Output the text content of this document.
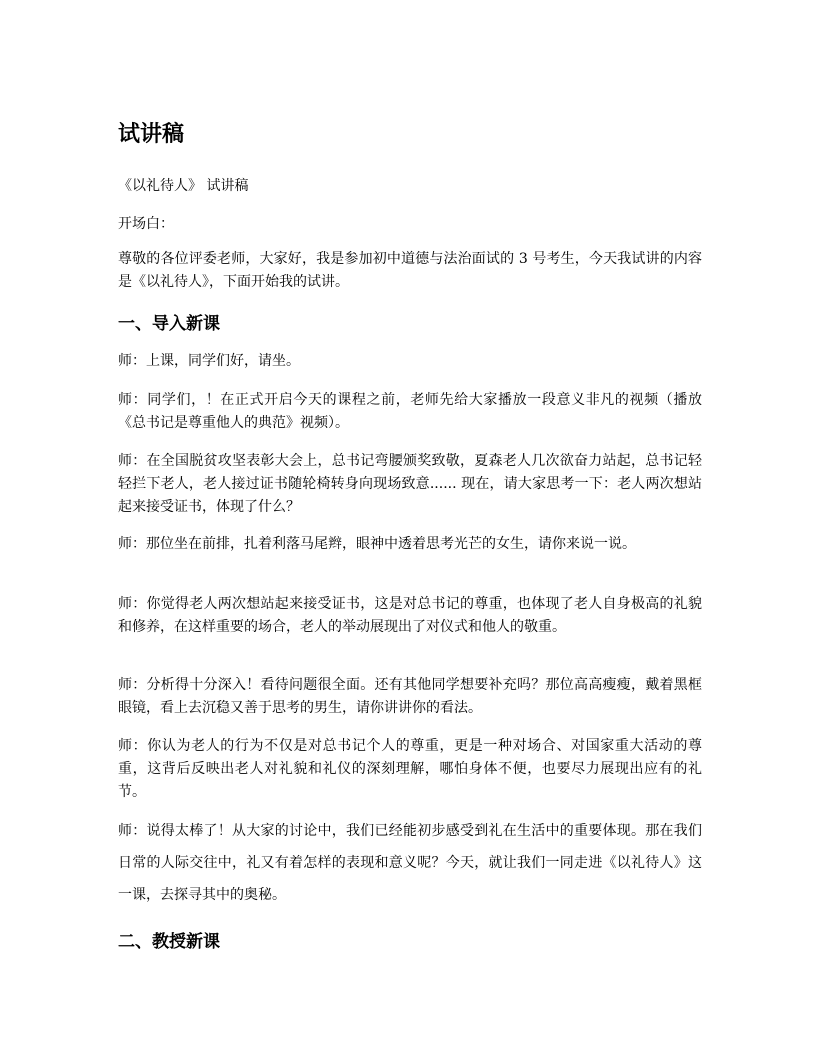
试讲稿

《以礼待人》 试讲稿

开场白：

尊敬的各位评委老师，大家好，我是参加初中道德与法治面试的 3 号考生，今天我试讲的内容是《以礼待人》，下面开始我的试讲。

一、导入新课

师：上课，同学们好，请坐。

师：同学们，！在正式开启今天的课程之前，老师先给大家播放一段意义非凡的视频（播放《总书记是尊重他人的典范》视频）。

师：在全国脱贫攻坚表彰大会上，总书记弯腰颁奖致敬，夏森老人几次欲奋力站起，总书记轻轻拦下老人，老人接过证书随轮椅转身向现场致意...... 现在，请大家思考一下：老人两次想站起来接受证书，体现了什么？

师：那位坐在前排，扎着利落马尾辫，眼神中透着思考光芒的女生，请你来说一说。

师：你觉得老人两次想站起来接受证书，这是对总书记的尊重，也体现了老人自身极高的礼貌和修养，在这样重要的场合，老人的举动展现出了对仪式和他人的敬重。

师：分析得十分深入！看待问题很全面。还有其他同学想要补充吗？那位高高瘦瘦，戴着黑框眼镜，看上去沉稳又善于思考的男生，请你讲讲你的看法。

师：你认为老人的行为不仅是对总书记个人的尊重，更是一种对场合、对国家重大活动的尊重，这背后反映出老人对礼貌和礼仪的深刻理解，哪怕身体不便，也要尽力展现出应有的礼节。

师：说得太棒了！从大家的讨论中，我们已经能初步感受到礼在生活中的重要体现。那在我们日常的人际交往中，礼又有着怎样的表现和意义呢？今天，就让我们一同走进《以礼待人》这一课，去探寻其中的奥秘。

二、教授新课
